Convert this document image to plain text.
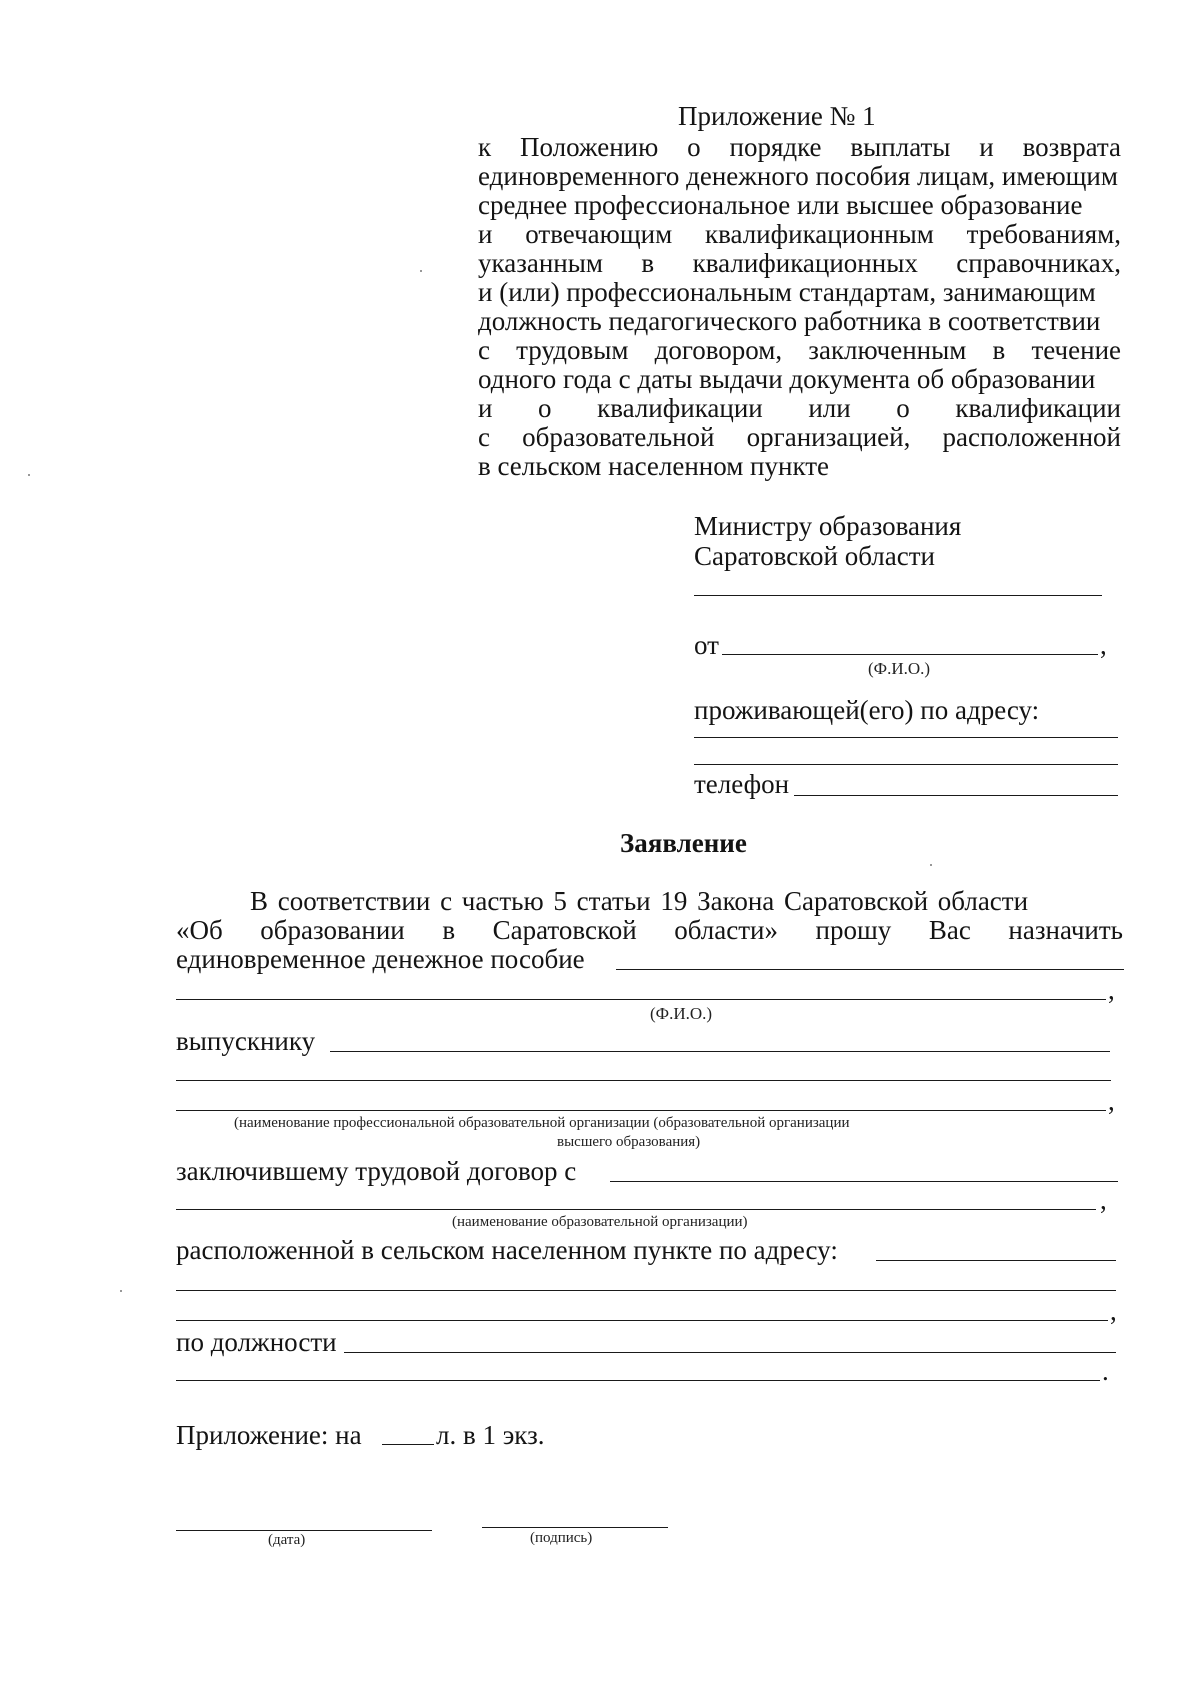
Приложение № 1
к Положению о порядке выплаты и возврата
единовременного денежного пособия лицам, имеющим
среднее профессиональное или высшее образование
и отвечающим квалификационным требованиям,
указанным в квалификационных справочниках,
и (или) профессиональным стандартам, занимающим
должность педагогического работника в соответствии
с трудовым договором, заключенным в течение
одного года с даты выдачи документа об образовании
и о квалификации или о квалификации
с образовательной организацией, расположенной
в сельском населенном пункте
Министру образования
Саратовской области
от	,
(Ф.И.О.)
проживающей(его) по адресу:
телефон
Заявление
В соответствии с частью 5 статьи 19 Закона Саратовской области
«Об образовании в Саратовской области» прошу Вас назначить
единовременное денежное пособие
,
(Ф.И.О.)
выпускнику
,
(наименование профессиональной образовательной организации (образовательной организации
высшего образования)
заключившему трудовой договор с
,
(наименование образовательной организации)
расположенной в сельском населенном пункте по адресу:
,
по должности
.
Приложение: на	л. в 1 экз.
(дата)	(подпись)
